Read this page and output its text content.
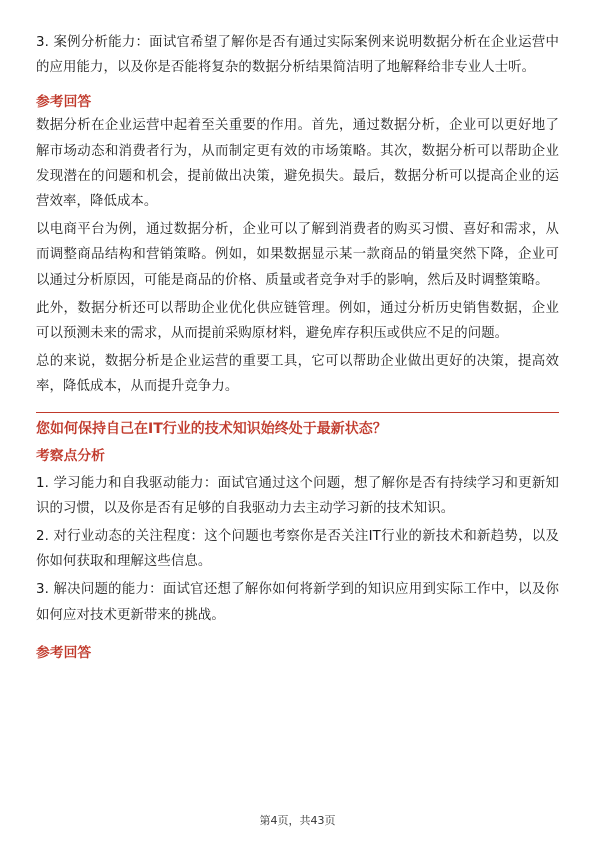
3. 案例分析能力：面试官希望了解你是否有通过实际案例来说明数据分析在企业运营中的应用能力，以及你是否能将复杂的数据分析结果简洁明了地解释给非专业人士听。

参考回答

数据分析在企业运营中起着至关重要的作用。首先，通过数据分析，企业可以更好地了解市场动态和消费者行为，从而制定更有效的市场策略。其次，数据分析可以帮助企业发现潜在的问题和机会，提前做出决策，避免损失。最后，数据分析可以提高企业的运营效率，降低成本。

以电商平台为例，通过数据分析，企业可以了解到消费者的购买习惯、喜好和需求，从而调整商品结构和营销策略。例如，如果数据显示某一款商品的销量突然下降，企业可以通过分析原因，可能是商品的价格、质量或者竞争对手的影响，然后及时调整策略。

此外，数据分析还可以帮助企业优化供应链管理。例如，通过分析历史销售数据，企业可以预测未来的需求，从而提前采购原材料，避免库存积压或供应不足的问题。

总的来说，数据分析是企业运营的重要工具，它可以帮助企业做出更好的决策，提高效率，降低成本，从而提升竞争力。

您如何保持自己在IT行业的技术知识始终处于最新状态？

考察点分析

1. 学习能力和自我驱动能力：面试官通过这个问题，想了解你是否有持续学习和更新知识的习惯，以及你是否有足够的自我驱动力去主动学习新的技术知识。

2. 对行业动态的关注程度：这个问题也考察你是否关注IT行业的新技术和新趋势，以及你如何获取和理解这些信息。

3. 解决问题的能力：面试官还想了解你如何将新学到的知识应用到实际工作中，以及你如何应对技术更新带来的挑战。

参考回答

第4页，共43页
